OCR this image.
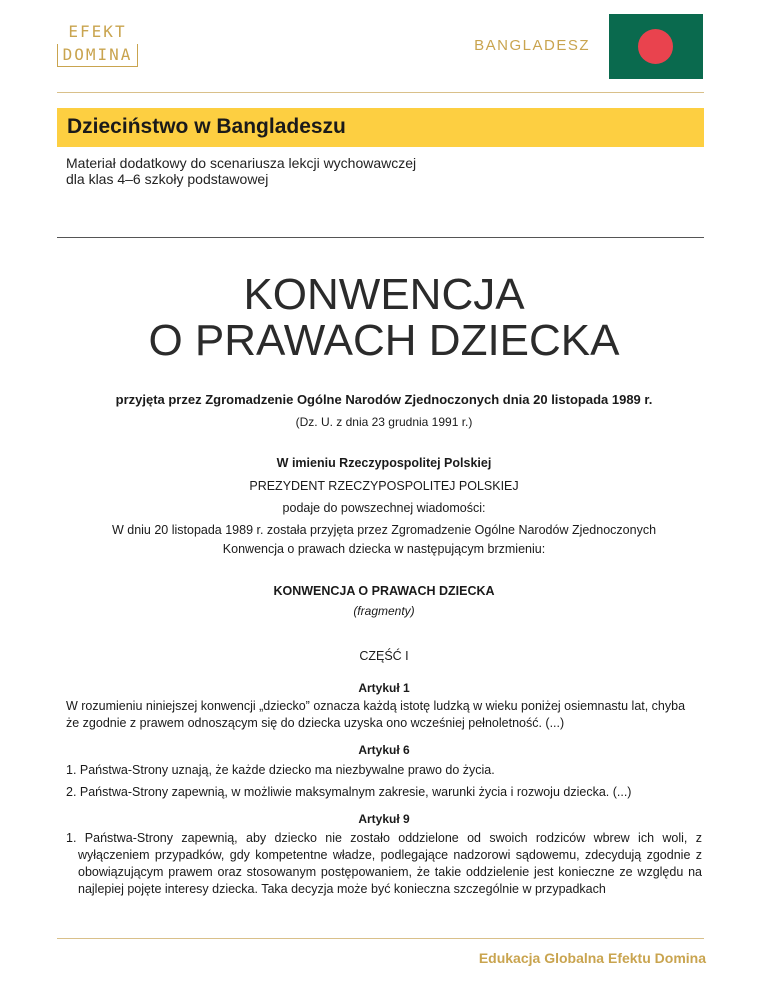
EFEKT
DOMINA	BANGLADESZ
Dzieciństwo w Bangladeszu
Materiał dodatkowy do scenariusza lekcji wychowawczej
dla klas 4–6 szkoły podstawowej
KONWENCJA
O PRAWACH DZIECKA
przyjęta przez Zgromadzenie Ogólne Narodów Zjednoczonych dnia 20 listopada 1989 r.
(Dz. U. z dnia 23 grudnia 1991 r.)
W imieniu Rzeczypospolitej Polskiej
PREZYDENT RZECZYPOSPOLITEJ POLSKIEJ
podaje do powszechnej wiadomości:
W dniu 20 listopada 1989 r. została przyjęta przez Zgromadzenie Ogólne Narodów Zjednoczonych
Konwencja o prawach dziecka w następującym brzmieniu:
KONWENCJA O PRAWACH DZIECKA
(fragmenty)
CZĘŚĆ I
Artykuł 1
W rozumieniu niniejszej konwencji „dziecko” oznacza każdą istotę ludzką w wieku poniżej osiemnastu lat, chyba
że zgodnie z prawem odnoszącym się do dziecka uzyska ono wcześniej pełnoletność. (...)
Artykuł 6
1. Państwa-Strony uznają, że każde dziecko ma niezbywalne prawo do życia.
2. Państwa-Strony zapewnią, w możliwie maksymalnym zakresie, warunki życia i rozwoju dziecka. (...)
Artykuł 9
1. Państwa-Strony zapewnią, aby dziecko nie zostało oddzielone od swoich rodziców wbrew ich woli, z wyłączeniem przypadków, gdy kompetentne władze, podlegające nadzorowi sądowemu, zdecydują zgodnie z obowiązującym prawem oraz stosowanym postępowaniem, że takie oddzielenie jest konieczne ze względu na najlepiej pojęte interesy dziecka. Taka decyzja może być konieczna szczególnie w przypadkach
Edukacja Globalna Efektu Domina
